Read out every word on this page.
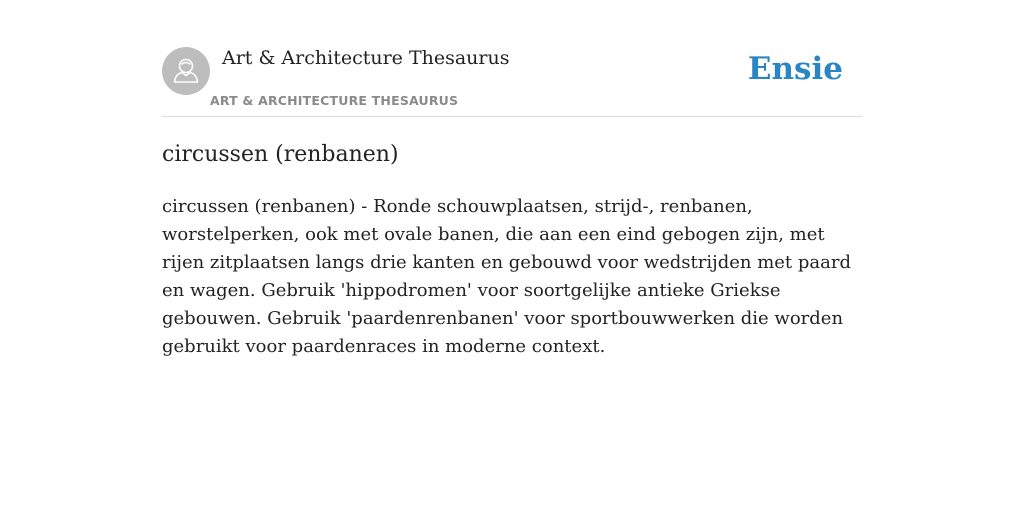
Art & Architecture Thesaurus
ART & ARCHITECTURE THESAURUS
Ensie
circussen (renbanen)

circussen (renbanen) - Ronde schouwplaatsen, strijd-, renbanen, worstelperken, ook met ovale banen, die aan een eind gebogen zijn, met rijen zitplaatsen langs drie kanten en gebouwd voor wedstrijden met paard en wagen. Gebruik 'hippodromen' voor soortgelijke antieke Griekse gebouwen. Gebruik 'paardenrenbanen' voor sportbouwwerken die worden gebruikt voor paardenraces in moderne context.
